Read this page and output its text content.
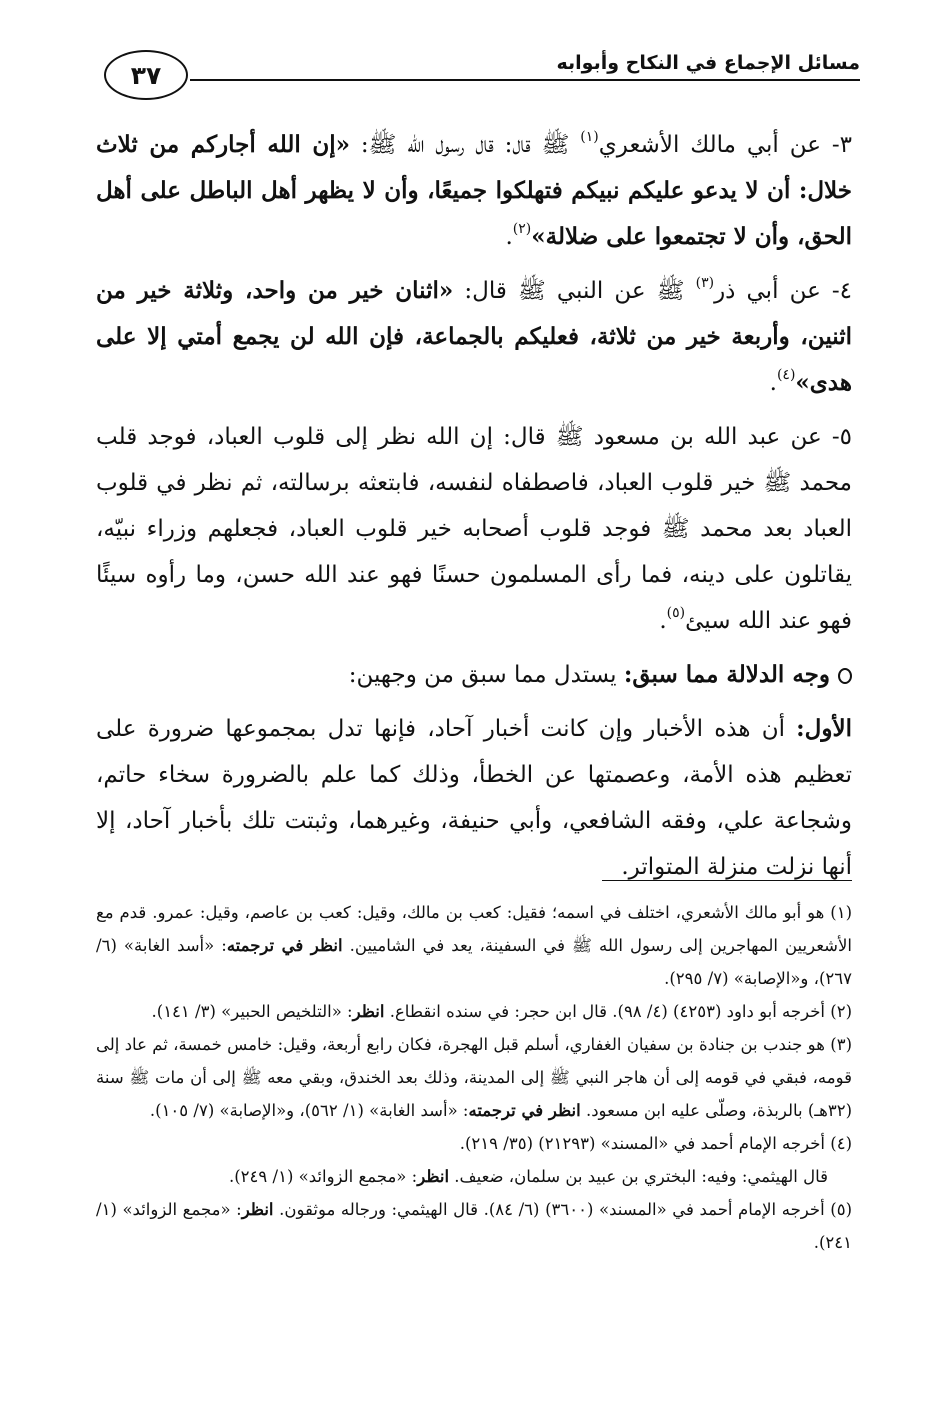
مسائل الإجماع في النكاح وأبوابه
٣٧

٣- عن أبي مالك الأشعري$^{(١)}$ ﷺ قال: قال رسول الله ﷺ: «إن الله أجاركم من ثلاث خلال: أن لا يدعو عليكم نبيكم فتهلكوا جميعًا، وأن لا يظهر أهل الباطل على أهل الحق، وأن لا تجتمعوا على ضلالة»$^{(٢)}$.

٤- عن أبي ذر$^{(٣)}$ ﷺ عن النبي ﷺ قال: «اثنان خير من واحد، وثلاثة خير من اثنين، وأربعة خير من ثلاثة، فعليكم بالجماعة، فإن الله لن يجمع أمتي إلا على هدى»$^{(٤)}$.

٥- عن عبد الله بن مسعود ﷺ قال: إن الله نظر إلى قلوب العباد، فوجد قلب محمد ﷺ خير قلوب العباد، فاصطفاه لنفسه، فابتعثه برسالته، ثم نظر في قلوب العباد بعد محمد ﷺ فوجد قلوب أصحابه خير قلوب العباد، فجعلهم وزراء نبيّه، يقاتلون على دينه، فما رأى المسلمون حسنًا فهو عند الله حسن، وما رأوه سيئًا فهو عند الله سيئ$^{(٥)}$.

وجه الدلالة مما سبق: يستدل مما سبق من وجهين:

الأول: أن هذه الأخبار وإن كانت أخبار آحاد، فإنها تدل بمجموعها ضرورة على تعظيم هذه الأمة، وعصمتها عن الخطأ، وذلك كما علم بالضرورة سخاء حاتم، وشجاعة علي، وفقه الشافعي، وأبي حنيفة، وغيرهما، وثبتت تلك بأخبار آحاد، إلا أنها نزلت منزلة المتواتر.

(١) هو أبو مالك الأشعري، اختلف في اسمه؛ فقيل: كعب بن مالك، وقيل: كعب بن عاصم، وقيل: عمرو. قدم مع الأشعريين المهاجرين إلى رسول الله ﷺ في السفينة، يعد في الشاميين. انظر في ترجمته: «أسد الغابة» (٦/ ٢٦٧)، و«الإصابة» (٧/ ٢٩٥).

(٢) أخرجه أبو داود (٤٢٥٣) (٤/ ٩٨). قال ابن حجر: في سنده انقطاع. انظر: «التلخيص الحبير» (٣/ ١٤١).

(٣) هو جندب بن جنادة بن سفيان الغفاري، أسلم قبل الهجرة، فكان رابع أربعة، وقيل: خامس خمسة، ثم عاد إلى قومه، فبقي في قومه إلى أن هاجر النبي ﷺ إلى المدينة، وذلك بعد الخندق، وبقي معه ﷺ إلى أن مات ﷺ سنة (٣٢هـ) بالربذة، وصلّى عليه ابن مسعود. انظر في ترجمته: «أسد الغابة» (١/ ٥٦٢)، و«الإصابة» (٧/ ١٠٥).

(٤) أخرجه الإمام أحمد في «المسند» (٢١٢٩٣) (٣٥/ ٢١٩).

قال الهيثمي: وفيه: البختري بن عبيد بن سلمان، ضعيف. انظر: «مجمع الزوائد» (١/ ٢٤٩).

(٥) أخرجه الإمام أحمد في «المسند» (٣٦٠٠) (٦/ ٨٤). قال الهيثمي: ورجاله موثقون. انظر: «مجمع الزوائد» (١/ ٢٤١).
